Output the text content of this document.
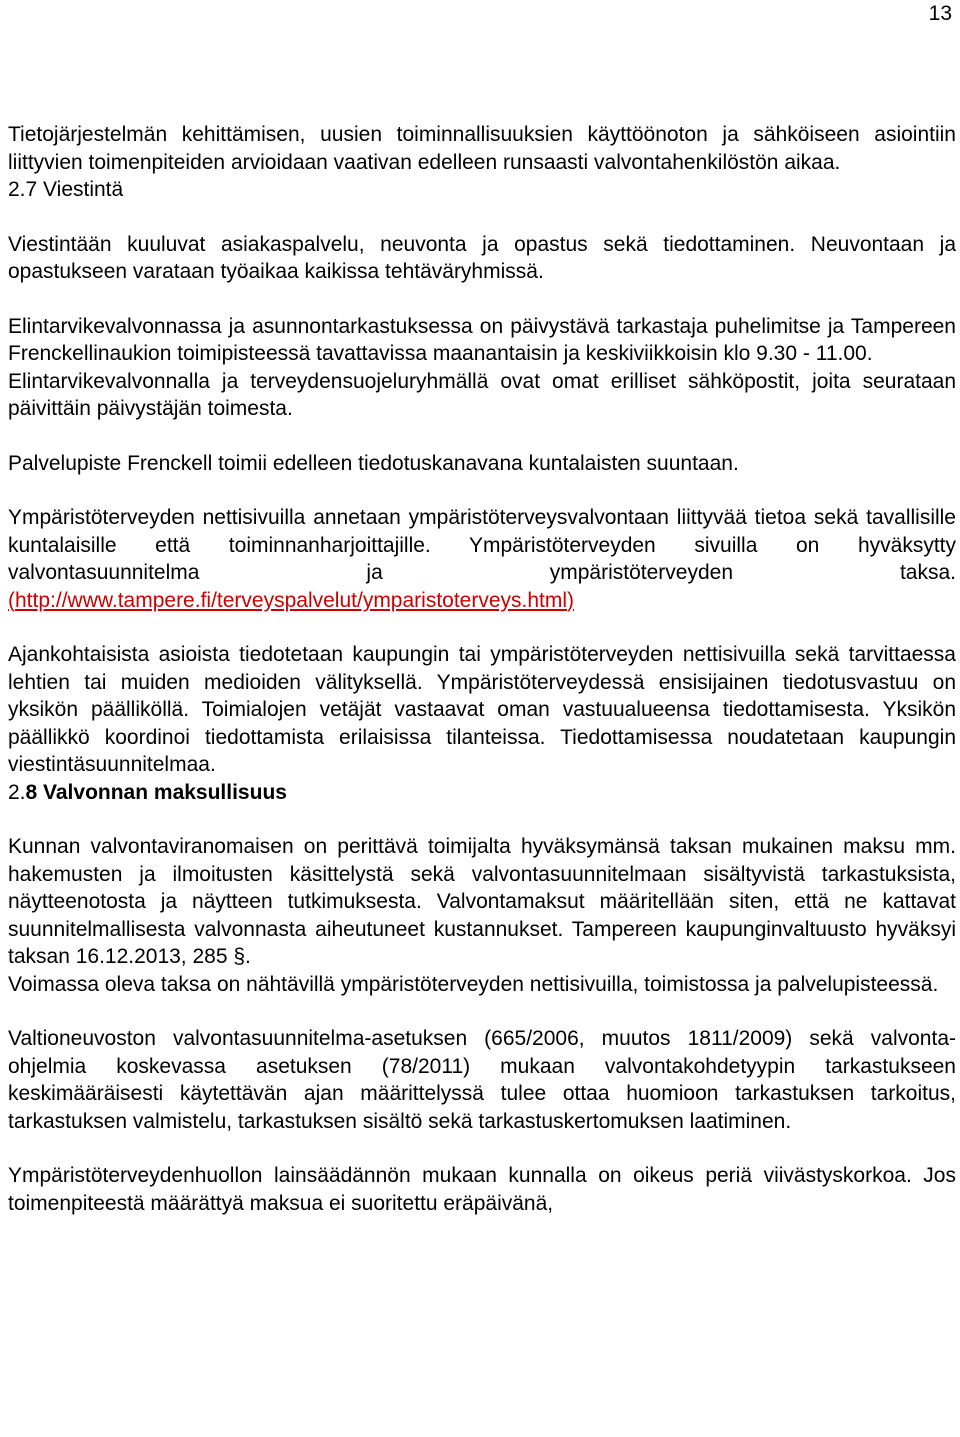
13

Tietojärjestelmän kehittämisen, uusien toiminnallisuuksien käyttöönoton ja sähköiseen asiointiin liittyvien toimenpiteiden arvioidaan vaativan edelleen runsaasti valvontahenkilöstön aikaa.

2.7 Viestintä

Viestintään kuuluvat asiakaspalvelu, neuvonta ja opastus sekä tiedottaminen. Neuvontaan ja opastukseen varataan työaikaa kaikissa tehtäväryhmissä.

Elintarvikevalvonnassa ja asunnontarkastuksessa on päivystävä tarkastaja puhelimitse ja Tampereen Frenckellinaukion toimipisteessä tavattavissa maanantaisin ja keskiviikkoisin klo 9.30 - 11.00.

Elintarvikevalvonnalla ja terveydensuojeluryhmällä ovat omat erilliset sähköpostit, joita seurataan päivittäin päivystäjän toimesta.

Palvelupiste Frenckell toimii edelleen tiedotuskanavana kuntalaisten suuntaan.

Ympäristöterveyden nettisivuilla annetaan ympäristöterveysvalvontaan liittyvää tietoa sekä tavallisille kuntalaisille että toiminnanharjoittajille. Ympäristöterveyden sivuilla on hyväksytty valvontasuunnitelma ja ympäristöterveyden taksa. (http://www.tampere.fi/terveyspalvelut/ymparistoterveys.html)

Ajankohtaisista asioista tiedotetaan kaupungin tai ympäristöterveyden nettisivuilla sekä tarvittaessa lehtien tai muiden medioiden välityksellä. Ympäristöterveydessä ensisijainen tiedotusvastuu on yksikön päälliköllä. Toimialojen vetäjät vastaavat oman vastuualueensa tiedottamisesta. Yksikön päällikkö koordinoi tiedottamista erilaisissa tilanteissa. Tiedottamisessa noudatetaan kaupungin viestintäsuunnitelmaa.

2.8 Valvonnan maksullisuus

Kunnan valvontaviranomaisen on perittävä toimijalta hyväksymänsä taksan mukainen maksu mm. hakemusten ja ilmoitusten käsittelystä sekä valvontasuunnitelmaan sisältyvistä tarkastuksista, näytteenotosta ja näytteen tutkimuksesta. Valvontamaksut määritellään siten, että ne kattavat suunnitelmallisesta valvonnasta aiheutuneet kustannukset. Tampereen kaupunginvaltuusto hyväksyi taksan 16.12.2013, 285 §.

Voimassa oleva taksa on nähtävillä ympäristöterveyden nettisivuilla, toimistossa ja palvelupisteessä.

Valtioneuvoston valvontasuunnitelma-asetuksen (665/2006, muutos 1811/2009) sekä valvonta-ohjelmia koskevassa asetuksen (78/2011) mukaan valvontakohdetyypin tarkastukseen keskimääräisesti käytettävän ajan määrittelyssä tulee ottaa huomioon tarkastuksen tarkoitus, tarkastuksen valmistelu, tarkastuksen sisältö sekä tarkastuskertomuksen laatiminen.

Ympäristöterveydenhuollon lainsäädännön mukaan kunnalla on oikeus periä viivästyskorkoa. Jos toimenpiteestä määrättyä maksua ei suoritettu eräpäivänä,
